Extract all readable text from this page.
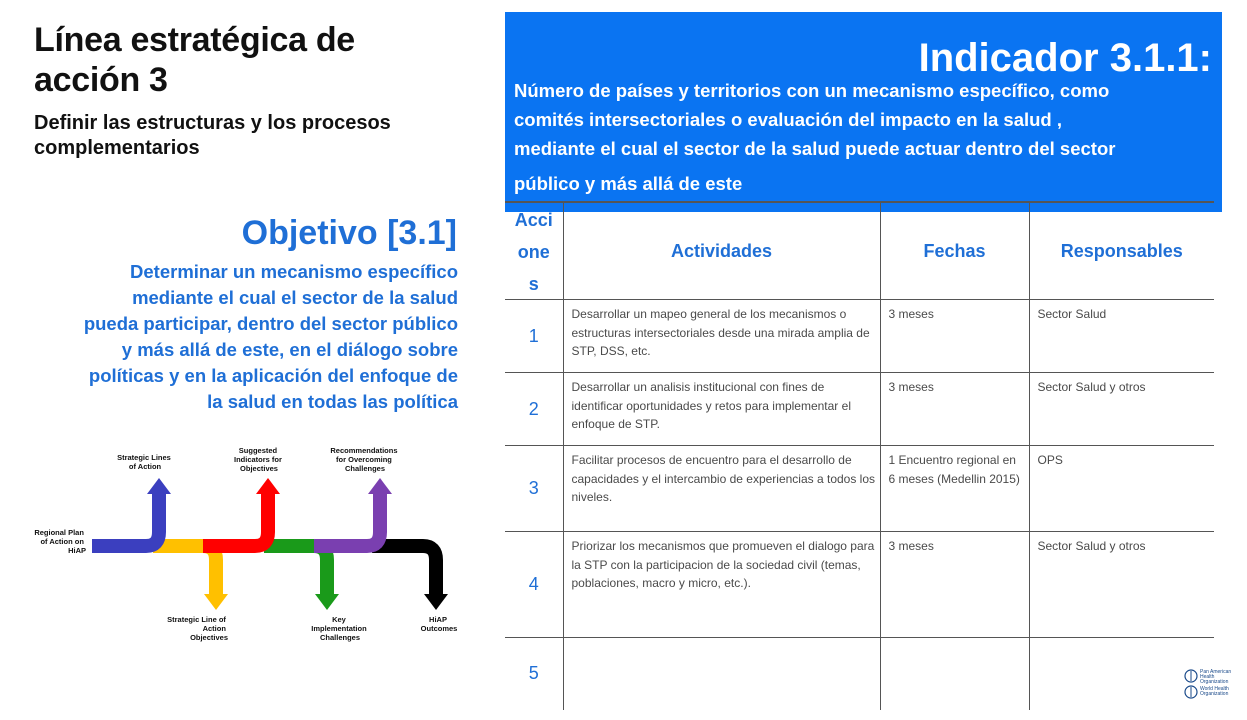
Línea estratégica de
acción 3
Definir las estructuras y los procesos
complementarios
Objetivo [3.1]
Determinar un mecanismo específico
mediante el cual el sector de la salud
pueda participar, dentro del sector público
y más allá de este, en el diálogo sobre
políticas y en la aplicación del enfoque de
la salud en todas las política
Regional Plan of Action on HiAP
Strategic Lines of Action
Suggested Indicators for Objectives
Recommendations for Overcoming Challenges
Strategic Line of Action Objectives
Key Implementation Challenges
HiAP Outcomes
Indicador 3.1.1:
Número de países y territorios con un mecanismo específico, como
comités intersectoriales o evaluación del impacto en la salud ,
mediante el cual el sector de la salud puede actuar dentro del sector
público y más allá de este
Acci
one
s	Actividades	Fechas	Responsables
1	Desarrollar un mapeo general de los mecanismos o estructuras intersectoriales desde una mirada amplia de STP, DSS, etc.	3 meses	Sector Salud
2	Desarrollar un analisis institucional con fines de identificar oportunidades y retos para implementar el enfoque de STP.	3 meses	Sector Salud y otros
3	Facilitar procesos de encuentro para el desarrollo de capacidades y el intercambio de experiencias a todos los niveles.	1 Encuentro regional en 6 meses (Medellin 2015)	OPS
4	Priorizar los mecanismos que promueven el dialogo para la STP con la participacion de la sociedad civil (temas, poblaciones, macro y micro, etc.).	3 meses	Sector Salud y otros
5				Pan American Health Organization
World Health Organization
